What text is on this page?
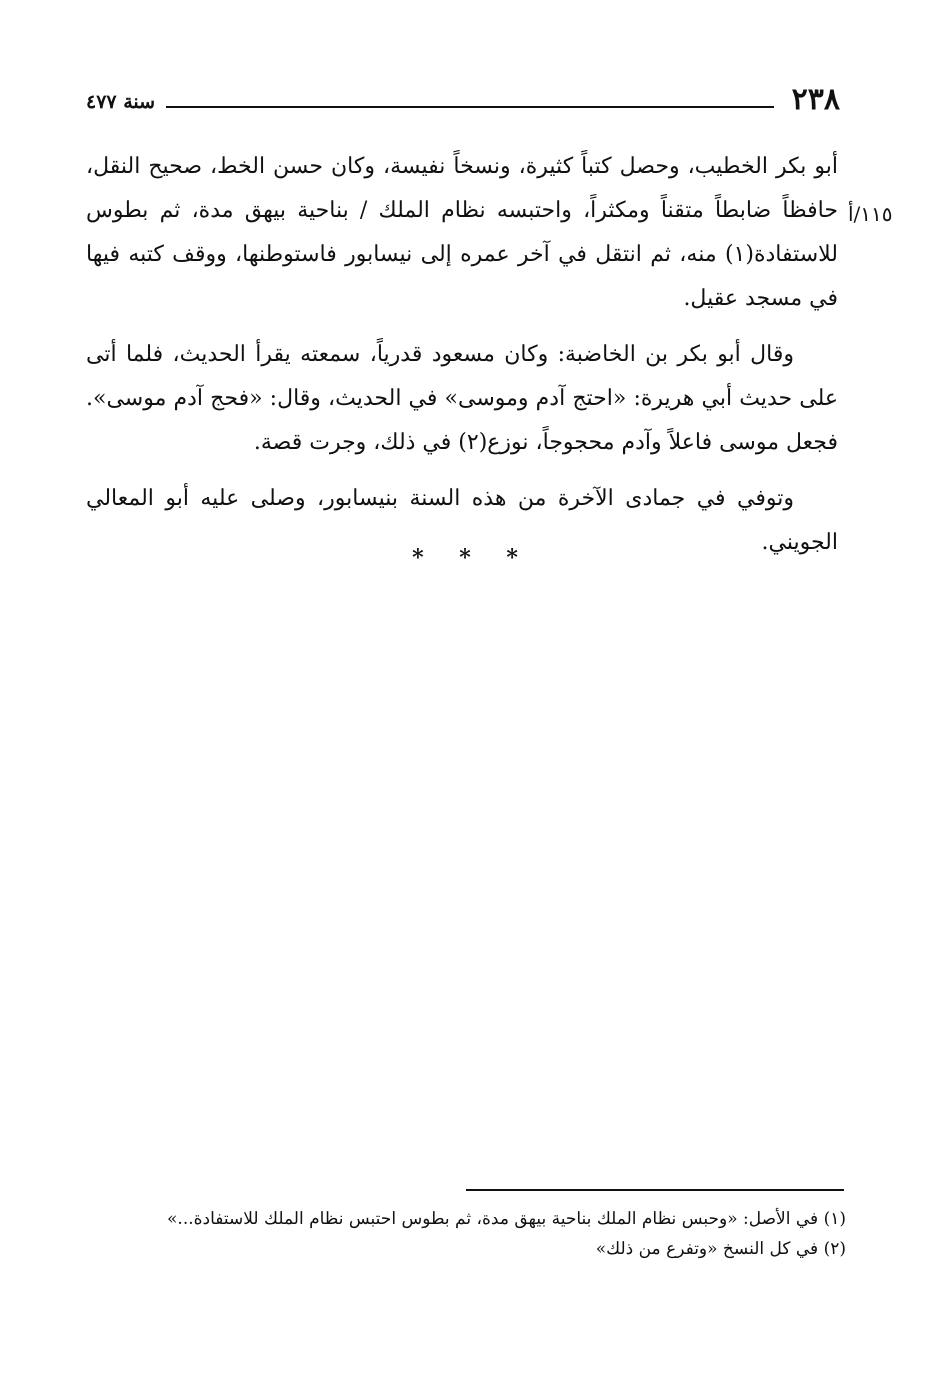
٢٣٨
سنة ٤٧٧
١١٥/أ

أبو بكر الخطيب، وحصل كتباً كثيرة، ونسخاً نفيسة، وكان حسن الخط، صحيح النقل، حافظاً ضابطاً متقناً ومكثراً، واحتبسه نظام الملك / بناحية بيهق مدة، ثم بطوس للاستفادة(١) منه، ثم انتقل في آخر عمره إلى نيسابور فاستوطنها، ووقف كتبه فيها في مسجد عقيل.

وقال أبو بكر بن الخاضبة: وكان مسعود قدرياً، سمعته يقرأ الحديث، فلما أتى على حديث أبي هريرة: «احتج آدم وموسى» في الحديث، وقال: «فحج آدم موسى». فجعل موسى فاعلاً وآدم محجوجاً، نوزع(٢) في ذلك، وجرت قصة.

وتوفي في جمادى الآخرة من هذه السنة بنيسابور، وصلى عليه أبو المعالي الجويني.

* * *

(١) في الأصل: «وحبس نظام الملك بناحية بيهق مدة، ثم بطوس احتبس نظام الملك للاستفادة...»

(٢) في كل النسخ «وتفرع من ذلك»
